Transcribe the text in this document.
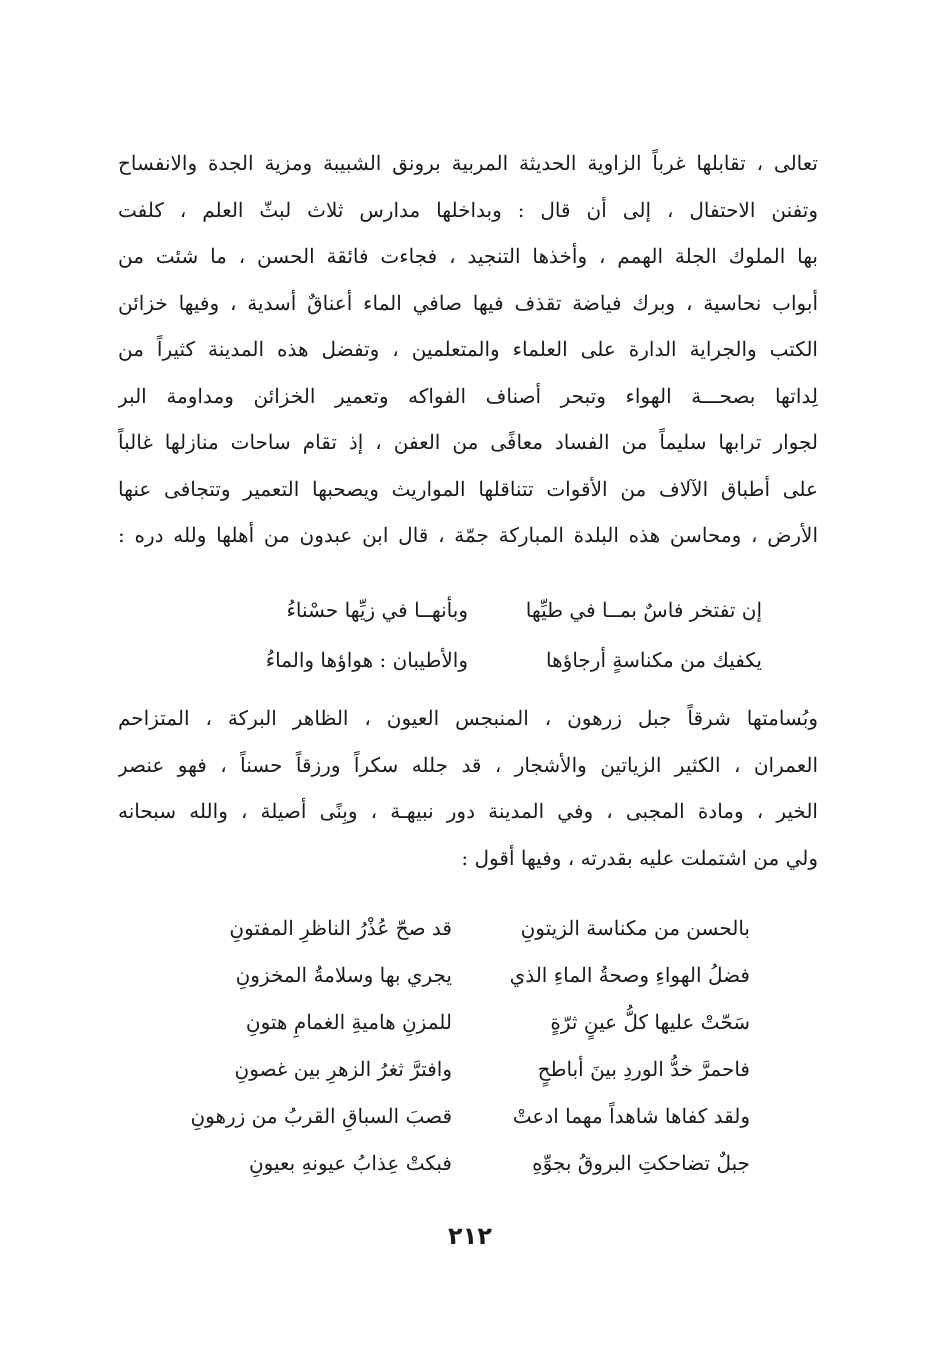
تعالى ، تقابلها غرباً الزاوية الحديثة المربية برونق الشبيبة ومزية الجدة والانفساح
وتفنن الاحتفال ، إلى أن قال : وبداخلها مدارس ثلاث لبثّ العلم ، كلفت
بها الملوك الجلة الهمم ، وأخذها التنجيد ، فجاءت فائقة الحسن ، ما شئت من
أبواب نحاسية ، وبرك فياضة تقذف فيها صافي الماء أعناقٌ أسدية ، وفيها خزائن
الكتب والجراية الدارة على العلماء والمتعلمين ، وتفضل هذه المدينة كثيراً من
لِداتها بصحـــة الهواء وتبحر أصناف الفواكه وتعمير الخزائن ومداومة البر
لجوار ترابها سليماً من الفساد معافًى من العفن ، إذ تقام ساحات منازلها غالباً
على أطباق الآلاف من الأقوات تتناقلها المواريث ويصحبها التعمير وتتجافى عنها
الأرض ، ومحاسن هذه البلدة المباركة جمّة ، قال ابن عبدون من أهلها ولله دره :
إن تفتخر فاسٌ بمــا في طيِّها
وبأنهــا في زيِّها حسْناءُ
يكفيك من مكناسةٍ أرجاؤها
والأطيبان : هواؤها والماءُ
وبُسامتها شرقاً جبل زرهون ، المنبجس العيون ، الظاهر البركة ، المتزاحم
العمران ، الكثير الزياتين والأشجار ، قد جلله سكراً ورزقاً حسناً ، فهو عنصر
الخير ، ومادة المجبى ، وفي المدينة دور نبيهـة ، وبِنًى أصيلة ، والله سبحانه
ولي من اشتملت عليه بقدرته ، وفيها أقول :
بالحسن من مكناسة الزيتونِ
قد صحّ عُذْرُ الناظرِ المفتونِ
فضلُ الهواءِ وصحةُ الماءِ الذي
يجري بها وسلامةُ المخزونِ
سَحّتْ عليها كلُّ عينٍ ثرّةٍ
للمزنِ هاميةِ الغمامِ هتونِ
فاحمرَّ خدُّ الوردِ بينَ أباطحٍ
وافترَّ ثغرُ الزهرِ بين غصونِ
ولقد كفاها شاهداً مهما ادعتْ
قصبَ السباقِ القربُ من زرهونِ
جبلٌ تضاحكتِ البروقُ بجوِّهِ
فبكتْ عِذابُ عيونهِ بعيونِ
٢١٢
